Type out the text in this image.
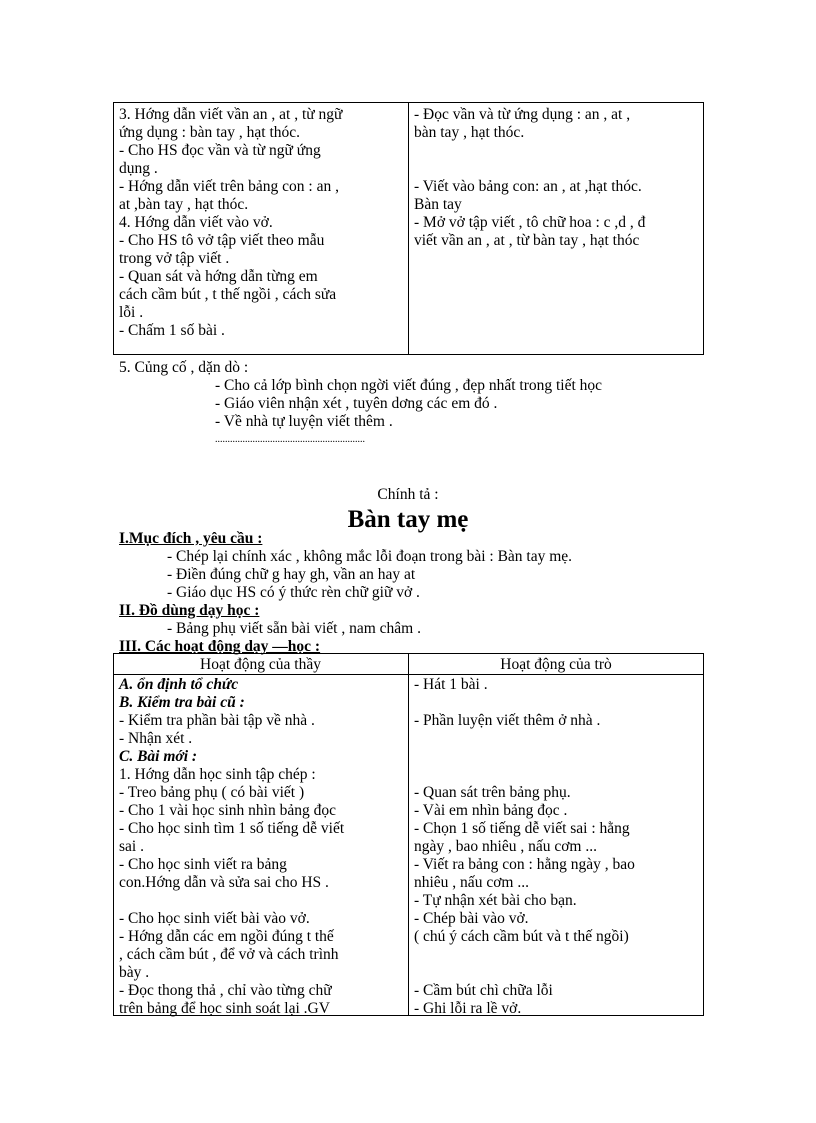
3. Hớng dẫn viết vần an , at , từ ngữ
ứng dụng : bàn tay , hạt thóc.
- Cho HS đọc vần và từ ngữ ứng
dụng .
- Hớng dẫn viết trên bảng con : an ,
at ,bàn tay , hạt thóc.
4. Hớng dẫn viết vào vở.
- Cho HS tô vở tập viết theo mẫu
trong vở tập viết .
- Quan sát và hớng dẫn từng em
cách cầm bút , t thế ngồi , cách sửa
lỗi .
- Chấm 1 số bài .
- Đọc vần và từ ứng dụng : an , at ,
bàn tay , hạt thóc.
- Viết vào bảng con: an , at ,hạt thóc.
Bàn tay
- Mở vở tập viết , tô chữ hoa : c ,d , đ
viết vần an , at , từ bàn tay , hạt thóc
5. Củng cố , dặn dò :
- Cho cả lớp bình chọn ngời viết đúng , đẹp nhất trong tiết học
- Giáo viên nhận xét , tuyên dơng các em đó .
- Về nhà tự luyện viết thêm .
............................................................
Chính tả :
Bàn tay mẹ
I.Mục đích , yêu cầu :
- Chép lại chính xác , không mắc lỗi đoạn trong bài : Bàn tay mẹ.
- Điền đúng chữ g hay gh, vần an hay at
- Giáo dục HS có ý thức rèn chữ giữ vở .
II. Đồ dùng dạy học :
- Bảng phụ viết sẵn bài viết , nam châm .
III. Các hoạt động dạy —học :
Hoạt động của thầy	Hoạt động của trò
A. ổn định tổ chức
B. Kiểm tra bài cũ :
- Kiểm tra phần bài tập về nhà .
- Nhận xét .
C. Bài mới :
1. Hớng dẫn học sinh tập chép :
- Treo bảng phụ ( có bài viết )
- Cho 1 vài học sinh nhìn bảng đọc
- Cho học sinh tìm 1 số tiếng dễ viết
sai .
- Cho học sinh viết ra bảng
con.Hớng dẫn và sửa sai cho HS .
- Cho học sinh viết bài vào vở.
- Hớng dẫn các em ngồi đúng t thế
, cách cầm bút , để vở và cách trình
bày .
- Đọc thong thả , chỉ vào từng chữ
trên bảng để học sinh soát lại .GV
- Hát 1 bài .
- Phần luyện viết thêm ở nhà .
- Quan sát trên bảng phụ.
- Vài em nhìn bảng đọc .
- Chọn 1 số tiếng dễ viết sai : hằng
ngày , bao nhiêu , nấu cơm ...
- Viết ra bảng con : hằng ngày , bao
nhiêu , nấu cơm ...
- Tự nhận xét bài cho bạn.
- Chép bài vào vở.
( chú ý cách cầm bút và t thế ngồi)
- Cầm bút chì chữa lỗi
- Ghi lỗi ra lề vở.
